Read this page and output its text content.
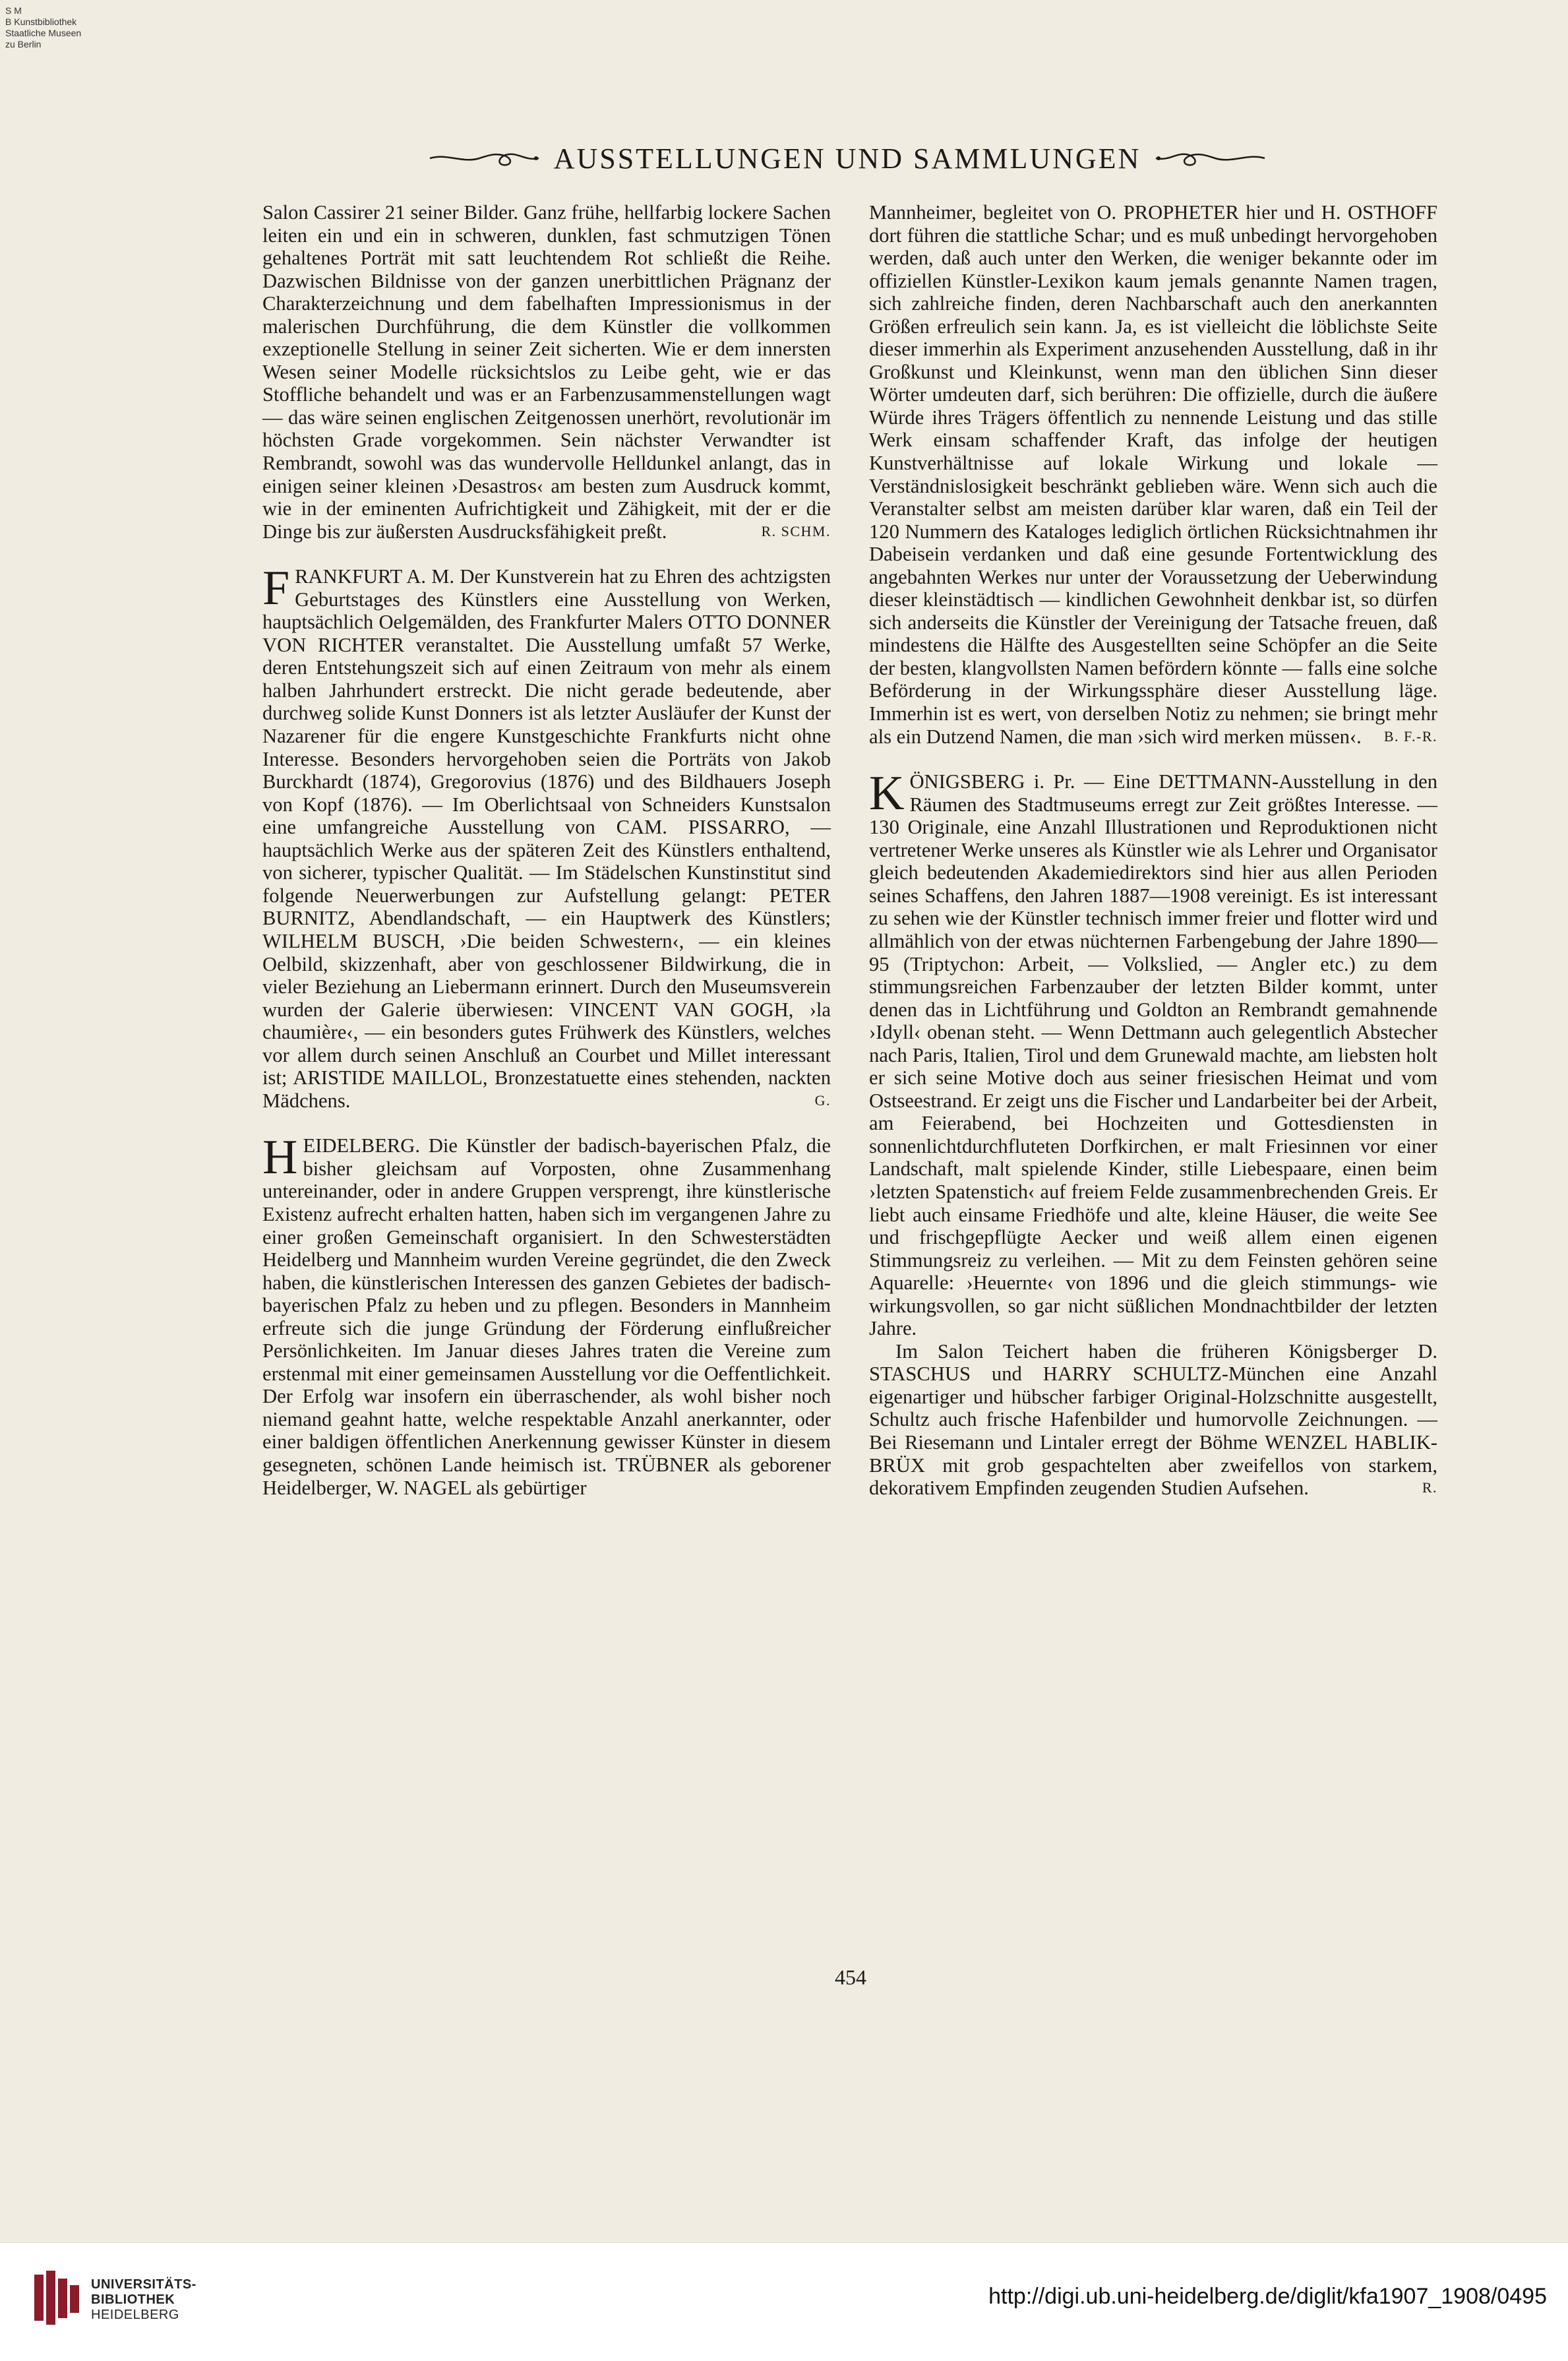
S M
B Kunstbibliothek
Staatliche Museen
zu Berlin
AUSSTELLUNGEN UND SAMMLUNGEN

Salon Cassirer 21 seiner Bilder. Ganz frühe, hellfarbig lockere Sachen leiten ein und ein in schweren, dunklen, fast schmutzigen Tönen gehaltenes Porträt mit satt leuchtendem Rot schließt die Reihe. Dazwischen Bildnisse von der ganzen unerbittlichen Prägnanz der Charakterzeichnung und dem fabelhaften Impressionismus in der malerischen Durchführung, die dem Künstler die vollkommen exzeptionelle Stellung in seiner Zeit sicherten. Wie er dem innersten Wesen seiner Modelle rücksichtslos zu Leibe geht, wie er das Stoffliche behandelt und was er an Farbenzusammenstellungen wagt — das wäre seinen englischen Zeitgenossen unerhört, revolutionär im höchsten Grade vorgekommen. Sein nächster Verwandter ist Rembrandt, sowohl was das wundervolle Helldunkel anlangt, das in einigen seiner kleinen ›Desastros‹ am besten zum Ausdruck kommt, wie in der eminenten Aufrichtigkeit und Zähigkeit, mit der er die Dinge bis zur äußersten Ausdrucksfähigkeit preßt.	R. SCHM.

F RANKFURT A. M. Der Kunstverein hat zu Ehren des achtzigsten Geburtstages des Künstlers eine Ausstellung von Werken, hauptsächlich Oelgemälden, des Frankfurter Malers OTTO DONNER VON RICHTER veranstaltet. Die Ausstellung umfaßt 57 Werke, deren Entstehungszeit sich auf einen Zeitraum von mehr als einem halben Jahrhundert erstreckt. Die nicht gerade bedeutende, aber durchweg solide Kunst Donners ist als letzter Ausläufer der Kunst der Nazarener für die engere Kunstgeschichte Frankfurts nicht ohne Interesse. Besonders hervorgehoben seien die Porträts von Jakob Burckhardt (1874), Gregorovius (1876) und des Bildhauers Joseph von Kopf (1876). — Im Oberlichtsaal von Schneiders Kunstsalon eine umfangreiche Ausstellung von CAM. PISSARRO, — hauptsächlich Werke aus der späteren Zeit des Künstlers enthaltend, von sicherer, typischer Qualität. — Im Städelschen Kunstinstitut sind folgende Neuerwerbungen zur Aufstellung gelangt: PETER BURNITZ, Abendlandschaft, — ein Hauptwerk des Künstlers; WILHELM BUSCH, ›Die beiden Schwestern‹, — ein kleines Oelbild, skizzenhaft, aber von geschlossener Bildwirkung, die in vieler Beziehung an Liebermann erinnert. Durch den Museumsverein wurden der Galerie überwiesen: VINCENT VAN GOGH, ›la chaumière‹, — ein besonders gutes Frühwerk des Künstlers, welches vor allem durch seinen Anschluß an Courbet und Millet interessant ist; ARISTIDE MAILLOL, Bronzestatuette eines stehenden, nackten Mädchens.	G.

H EIDELBERG. Die Künstler der badisch-bayerischen Pfalz, die bisher gleichsam auf Vorposten, ohne Zusammenhang untereinander, oder in andere Gruppen versprengt, ihre künstlerische Existenz aufrecht erhalten hatten, haben sich im vergangenen Jahre zu einer großen Gemeinschaft organisiert. In den Schwesterstädten Heidelberg und Mannheim wurden Vereine gegründet, die den Zweck haben, die künstlerischen Interessen des ganzen Gebietes der badisch-bayerischen Pfalz zu heben und zu pflegen. Besonders in Mannheim erfreute sich die junge Gründung der Förderung einflußreicher Persönlichkeiten. Im Januar dieses Jahres traten die Vereine zum erstenmal mit einer gemeinsamen Ausstellung vor die Oeffentlichkeit. Der Erfolg war insofern ein überraschender, als wohl bisher noch niemand geahnt hatte, welche respektable Anzahl anerkannter, oder einer baldigen öffentlichen Anerkennung gewisser Künster in diesem gesegneten, schönen Lande heimisch ist. TRÜBNER als geborener Heidelberger, W. NAGEL als gebürtiger

Mannheimer, begleitet von O. PROPHETER hier und H. OSTHOFF dort führen die stattliche Schar; und es muß unbedingt hervorgehoben werden, daß auch unter den Werken, die weniger bekannte oder im offiziellen Künstler-Lexikon kaum jemals genannte Namen tragen, sich zahlreiche finden, deren Nachbarschaft auch den anerkannten Größen erfreulich sein kann. Ja, es ist vielleicht die löblichste Seite dieser immerhin als Experiment anzusehenden Ausstellung, daß in ihr Großkunst und Kleinkunst, wenn man den üblichen Sinn dieser Wörter umdeuten darf, sich berühren: Die offizielle, durch die äußere Würde ihres Trägers öffentlich zu nennende Leistung und das stille Werk einsam schaffender Kraft, das infolge der heutigen Kunstverhältnisse auf lokale Wirkung und lokale — Verständnislosigkeit beschränkt geblieben wäre. Wenn sich auch die Veranstalter selbst am meisten darüber klar waren, daß ein Teil der 120 Nummern des Kataloges lediglich örtlichen Rücksichtnahmen ihr Dabeisein verdanken und daß eine gesunde Fortentwicklung des angebahnten Werkes nur unter der Voraussetzung der Ueberwindung dieser kleinstädtisch — kindlichen Gewohnheit denkbar ist, so dürfen sich anderseits die Künstler der Vereinigung der Tatsache freuen, daß mindestens die Hälfte des Ausgestellten seine Schöpfer an die Seite der besten, klangvollsten Namen befördern könnte — falls eine solche Beförderung in der Wirkungssphäre dieser Ausstellung läge. Immerhin ist es wert, von derselben Notiz zu nehmen; sie bringt mehr als ein Dutzend Namen, die man ›sich wird merken müssen‹. B. F.-R.

K ÖNIGSBERG i. Pr. — Eine DETTMANN-Ausstellung in den Räumen des Stadtmuseums erregt zur Zeit größtes Interesse. — 130 Originale, eine Anzahl Illustrationen und Reproduktionen nicht vertretener Werke unseres als Künstler wie als Lehrer und Organisator gleich bedeutenden Akademiedirektors sind hier aus allen Perioden seines Schaffens, den Jahren 1887—1908 vereinigt. Es ist interessant zu sehen wie der Künstler technisch immer freier und flotter wird und allmählich von der etwas nüchternen Farbengebung der Jahre 1890—95 (Triptychon: Arbeit, — Volkslied, — Angler etc.) zu dem stimmungsreichen Farbenzauber der letzten Bilder kommt, unter denen das in Lichtführung und Goldton an Rembrandt gemahnende ›Idyll‹ obenan steht. — Wenn Dettmann auch gelegentlich Abstecher nach Paris, Italien, Tirol und dem Grunewald machte, am liebsten holt er sich seine Motive doch aus seiner friesischen Heimat und vom Ostseestrand. Er zeigt uns die Fischer und Landarbeiter bei der Arbeit, am Feierabend, bei Hochzeiten und Gottesdiensten in sonnenlichtdurchfluteten Dorfkirchen, er malt Friesinnen vor einer Landschaft, malt spielende Kinder, stille Liebespaare, einen beim ›letzten Spatenstich‹ auf freiem Felde zusammenbrechenden Greis. Er liebt auch einsame Friedhöfe und alte, kleine Häuser, die weite See und frischgepflügte Aecker und weiß allem einen eigenen Stimmungsreiz zu verleihen. — Mit zu dem Feinsten gehören seine Aquarelle: ›Heuernte‹ von 1896 und die gleich stimmungs- wie wirkungsvollen, so gar nicht süßlichen Mondnachtbilder der letzten Jahre.

Im Salon Teichert haben die früheren Königsberger D. STASCHUS und HARRY SCHULTZ-München eine Anzahl eigenartiger und hübscher farbiger Original-Holzschnitte ausgestellt, Schultz auch frische Hafenbilder und humorvolle Zeichnungen. — Bei Riesemann und Lintaler erregt der Böhme WENZEL HABLIK-BRÜX mit grob gespachtelten aber zweifellos von starkem, dekorativem Empfinden zeugenden Studien Aufsehen.	R.

454
UNIVERSITÄTS-
BIBLIOTHEK
HEIDELBERG
http://digi.ub.uni-heidelberg.de/diglit/kfa1907_1908/0495
